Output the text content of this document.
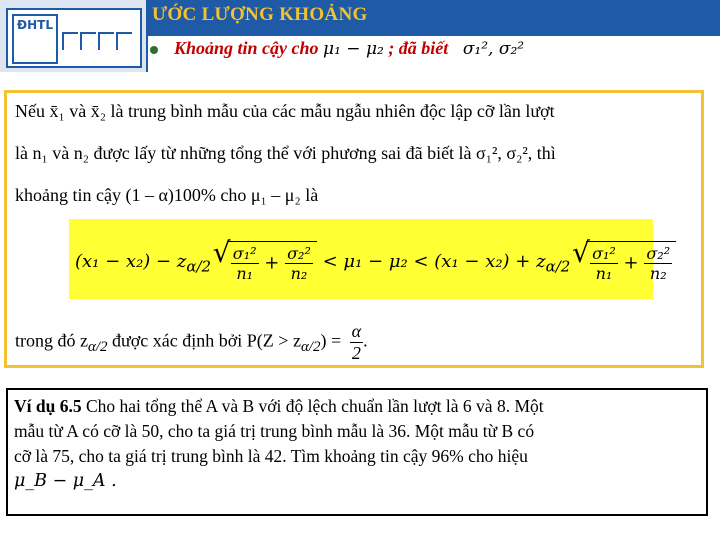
ĐHTL	ƯỚC LƯỢNG KHOẢNG
Khoảng tin cậy cho μ₁ − μ₂ ; đã biết σ₁², σ₂²
Nếu x̄₁ và x̄₂ là trung bình mẫu của các mẫu ngẫu nhiên độc lập cỡ lần lượt
là n₁ và n₂ được lấy từ những tổng thể với phương sai đã biết là σ₁², σ₂², thì
khoảng tin cậy (1 – α)100% cho μ₁ – μ₂ là
$(x_1 - x_2) - z_{\alpha/2}$ √ $\frac{\text{σ₁²}}{\text{n₁}} + \frac{\text{σ₂²}}{\text{n₂}} < \mu_1 - \mu_2 < (x_1 - x_2) + z_{\alpha/2}$ √ $\frac{\text{σ₁²}}{\text{n₁}} + \frac{\text{σ₂²}}{\text{n₂}}$
trong đó $z_{\alpha/2}$ được xác định bởi $P(Z > z_{\alpha/2}) = \frac{\alpha}{2}$ .
Ví dụ 6.5 Cho hai tổng thể A và B với độ lệch chuẩn lần lượt là 6 và 8. Một
mẫu từ A có cỡ là 50, cho ta giá trị trung bình mẫu là 36. Một mẫu từ B có
cỡ là 75, cho ta giá trị trung bình là 42. Tìm khoảng tin cậy 96% cho hiệu
μ_B − μ_A .
